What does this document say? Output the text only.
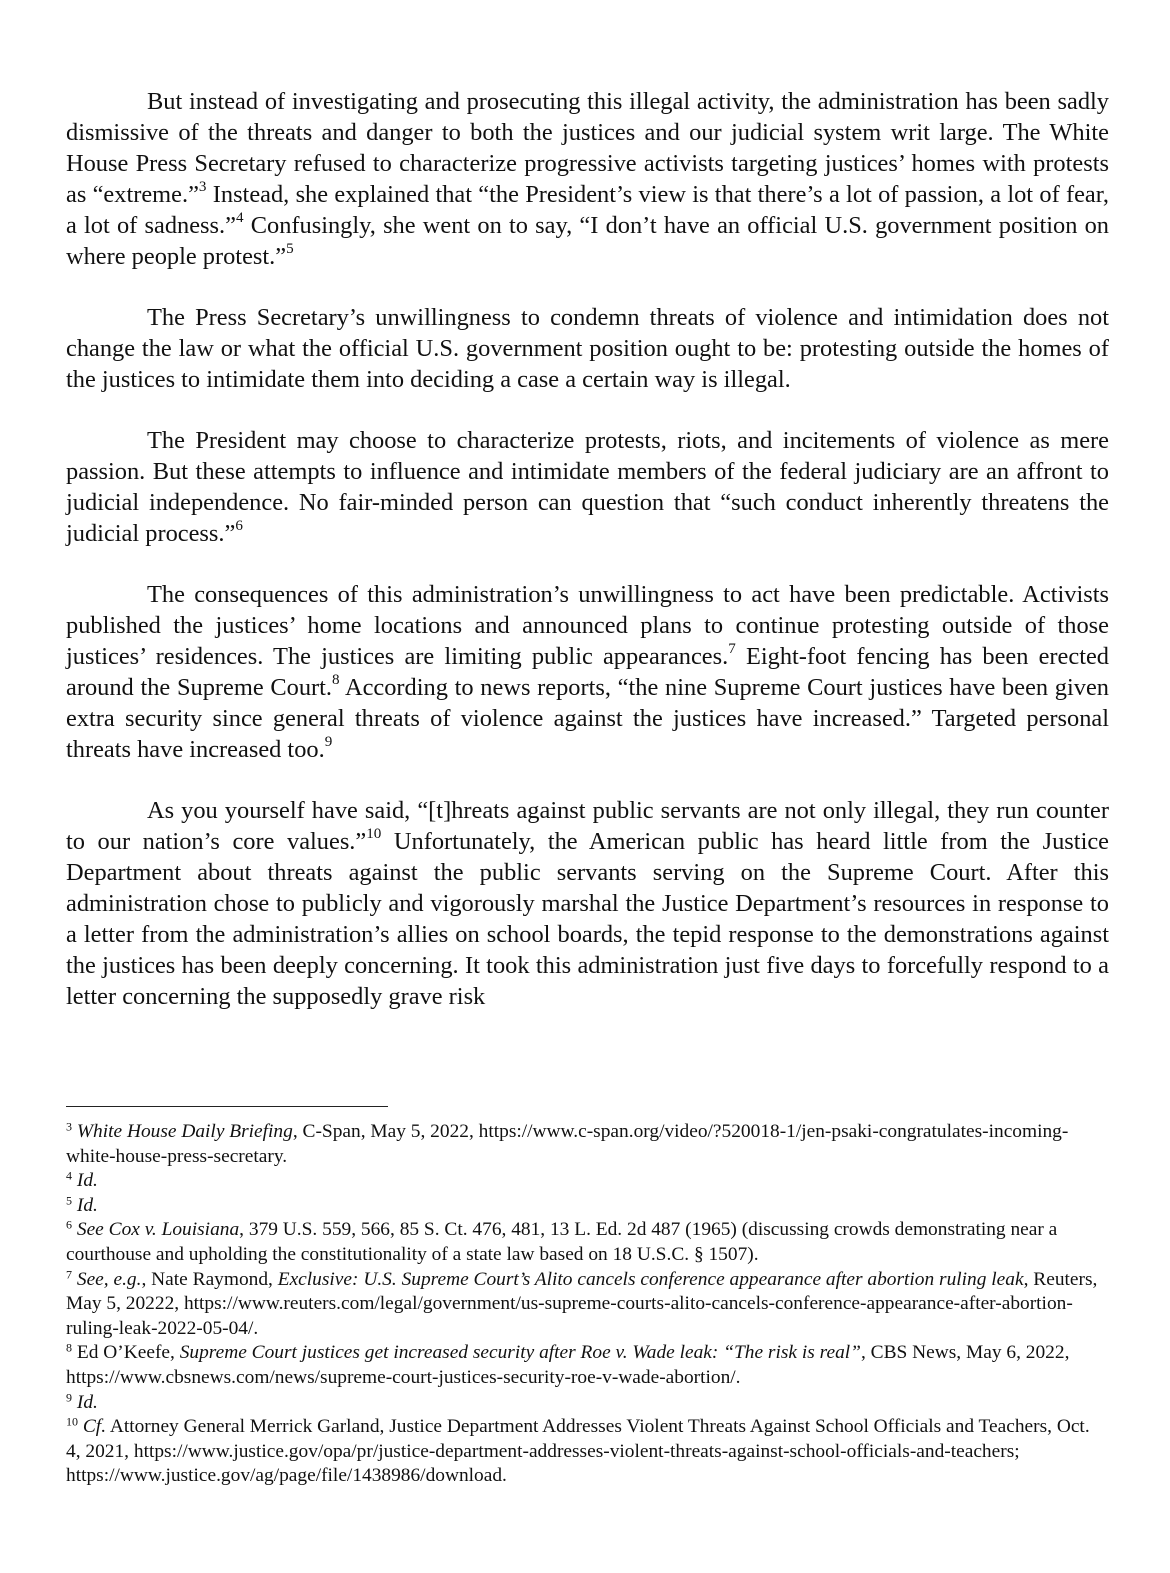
But instead of investigating and prosecuting this illegal activity, the administration has been sadly dismissive of the threats and danger to both the justices and our judicial system writ large. The White House Press Secretary refused to characterize progressive activists targeting justices’ homes with protests as “extreme.”$^3$ Instead, she explained that “the President’s view is that there’s a lot of passion, a lot of fear, a lot of sadness.”$^4$ Confusingly, she went on to say, “I don’t have an official U.S. government position on where people protest.”$^5$

The Press Secretary’s unwillingness to condemn threats of violence and intimidation does not change the law or what the official U.S. government position ought to be: protesting outside the homes of the justices to intimidate them into deciding a case a certain way is illegal.

The President may choose to characterize protests, riots, and incitements of violence as mere passion. But these attempts to influence and intimidate members of the federal judiciary are an affront to judicial independence. No fair-minded person can question that “such conduct inherently threatens the judicial process.”$^6$

The consequences of this administration’s unwillingness to act have been predictable. Activists published the justices’ home locations and announced plans to continue protesting outside of those justices’ residences. The justices are limiting public appearances.$^7$ Eight-foot fencing has been erected around the Supreme Court.$^8$ According to news reports, “the nine Supreme Court justices have been given extra security since general threats of violence against the justices have increased.” Targeted personal threats have increased too.$^9$

As you yourself have said, “[t]hreats against public servants are not only illegal, they run counter to our nation’s core values.”$^{10}$ Unfortunately, the American public has heard little from the Justice Department about threats against the public servants serving on the Supreme Court. After this administration chose to publicly and vigorously marshal the Justice Department’s resources in response to a letter from the administration’s allies on school boards, the tepid response to the demonstrations against the justices has been deeply concerning. It took this administration just five days to forcefully respond to a letter concerning the supposedly grave risk

$^3$ White House Daily Briefing, C-Span, May 5, 2022, https://www.c-span.org/video/?520018-1/jen-psaki-congratulates-incoming-white-house-press-secretary.

$^4$ Id.

$^5$ Id.

$^6$ See Cox v. Louisiana, 379 U.S. 559, 566, 85 S. Ct. 476, 481, 13 L. Ed. 2d 487 (1965) (discussing crowds demonstrating near a courthouse and upholding the constitutionality of a state law based on 18 U.S.C. § 1507).

$^7$ See, e.g., Nate Raymond, Exclusive: U.S. Supreme Court’s Alito cancels conference appearance after abortion ruling leak, Reuters, May 5, 20222, https://www.reuters.com/legal/government/us-supreme-courts-alito-cancels-conference-appearance-after-abortion-ruling-leak-2022-05-04/.

$^8$ Ed O’Keefe, Supreme Court justices get increased security after Roe v. Wade leak: “The risk is real”, CBS News, May 6, 2022, https://www.cbsnews.com/news/supreme-court-justices-security-roe-v-wade-abortion/.

$^9$ Id.

$^{10}$ Cf. Attorney General Merrick Garland, Justice Department Addresses Violent Threats Against School Officials and Teachers, Oct. 4, 2021, https://www.justice.gov/opa/pr/justice-department-addresses-violent-threats-against-school-officials-and-teachers; https://www.justice.gov/ag/page/file/1438986/download.
